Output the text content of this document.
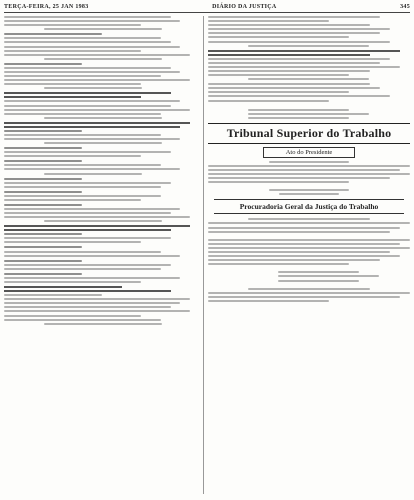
TERÇA-FEIRA, 25 JAN 1983	DIÁRIO DA JUSTIÇA	345
Tribunal Superior do Trabalho
Ato do Presidente
Procuradoria Geral da Justiça do Trabalho
